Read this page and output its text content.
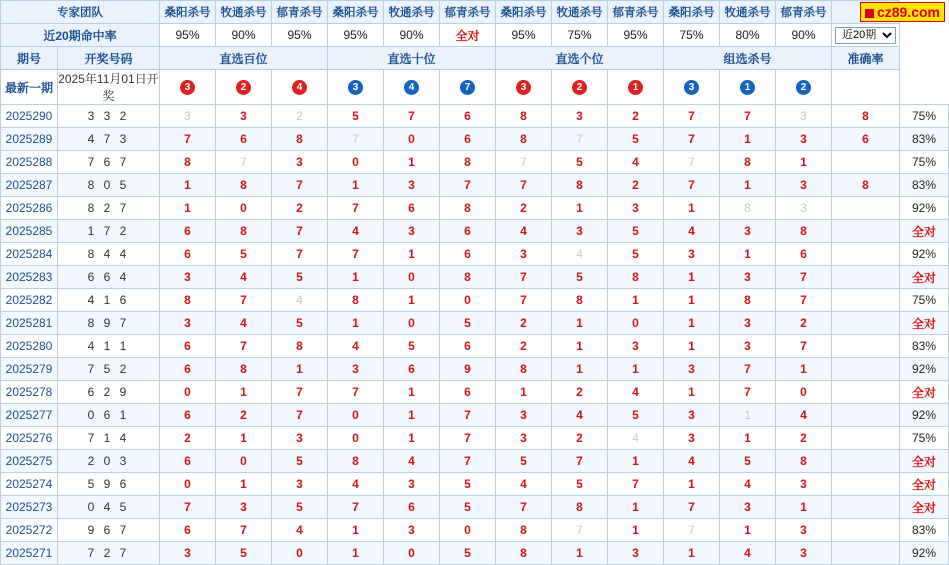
cz89.com
专家团队		桑阳杀号	牧通杀号	郁青杀号	桑阳杀号	牧通杀号	郁青杀号	桑阳杀号	牧通杀号	郁青杀号	桑阳杀号	牧通杀号	郁青杀号		
近20期命中率		95%	90%	95%	95%	90%	全对	95%	75%	95%	75%	80%	90%	
近20期
期号	开奖号码	直选百位			直选十位			直选个位			组选杀号			准确率	
最新一期	2025年11月01日开奖	3	2	4	3	4	7	3	2	1	3	1	2		
2025290	3 3 2	3	3	2	5	7	6	8	3	2	7	7	3	8	75%
2025289	4 7 3	7	6	8	7	0	6	8	7	5	7	1	3	6	83%
2025288	7 6 7	8	7	3	0	1	8	7	5	4	7	8	1		75%
2025287	8 0 5	1	8	7	1	3	7	7	8	2	7	1	3	8	83%
2025286	8 2 7	1	0	2	7	6	8	2	1	3	1	8	3		92%
2025285	1 7 2	6	8	7	4	3	6	4	3	5	4	3	8		全对
2025284	8 4 4	6	5	7	7	1	6	3	4	5	3	1	6		92%
2025283	6 6 4	3	4	5	1	0	8	7	5	8	1	3	7		全对
2025282	4 1 6	8	7	4	8	1	0	7	8	1	1	8	7		75%
2025281	8 9 7	3	4	5	1	0	5	2	1	0	1	3	2		全对
2025280	4 1 1	6	7	8	4	5	6	2	1	3	1	3	7		83%
2025279	7 5 2	6	8	1	3	6	9	8	1	1	3	7	1		92%
2025278	6 2 9	0	1	7	7	1	6	1	2	4	1	7	0		全对
2025277	0 6 1	6	2	7	0	1	7	3	4	5	3	1	4		92%
2025276	7 1 4	2	1	3	0	1	7	3	2	4	3	1	2		75%
2025275	2 0 3	6	0	5	8	4	7	5	7	1	4	5	8		全对
2025274	5 9 6	0	1	3	4	3	5	4	5	7	1	4	3		全对
2025273	0 4 5	7	3	5	7	6	5	7	8	1	7	3	1		全对
2025272	9 6 7	6	7	4	1	3	0	8	7	1	7	1	3		83%
2025271	7 2 7	3	5	0	1	0	5	8	1	3	1	4	3		92%
